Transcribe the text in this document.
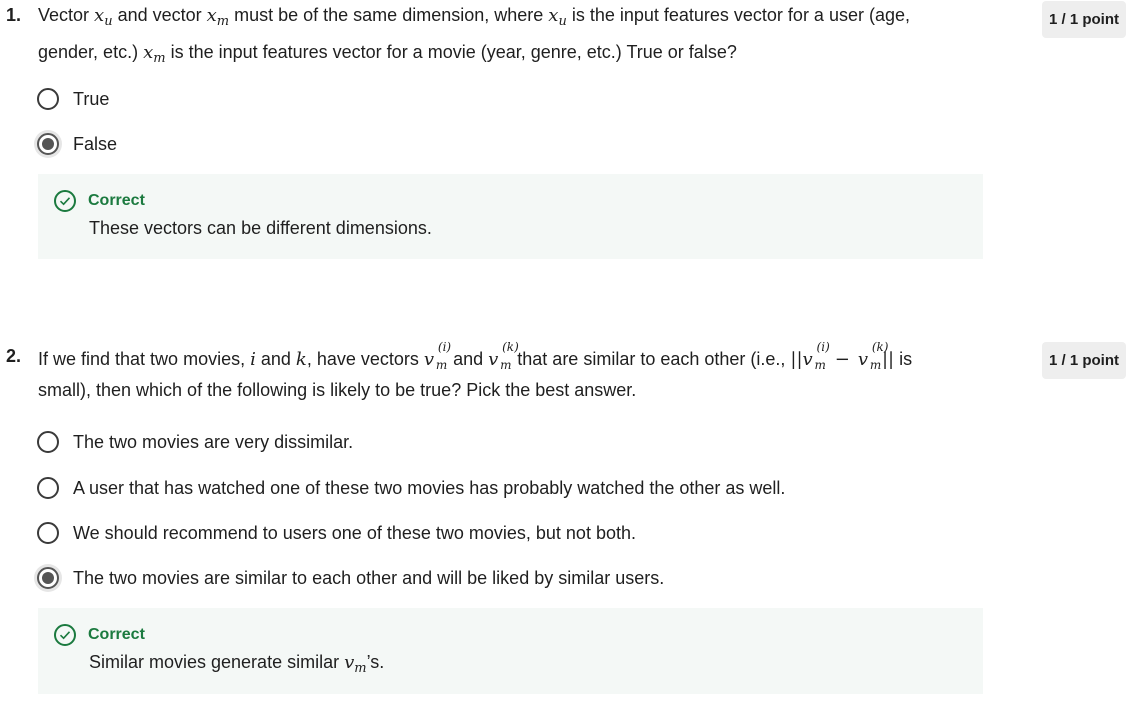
1. Vector $x_u$ and vector $x_m$ must be of the same dimension, where $x_u$ is the input features vector for a user (age,
gender, etc.) $x_m$ is the input features vector for a movie (year, genre, etc.) True or false?
1 / 1 point
True
False
Correct
These vectors can be different dimensions.
2. If we find that two movies, i and k, have vectors v
(i)
m and v
(k)
m that are similar to each other (i.e., ||v
(i)
m − v
(k)
m || is
small), then which of the following is likely to be true? Pick the best answer.
1 / 1 point
The two movies are very dissimilar.
A user that has watched one of these two movies has probably watched the other as well.
We should recommend to users one of these two movies, but not both.
The two movies are similar to each other and will be liked by similar users.
Correct
Similar movies generate similar $v_m’s$.
